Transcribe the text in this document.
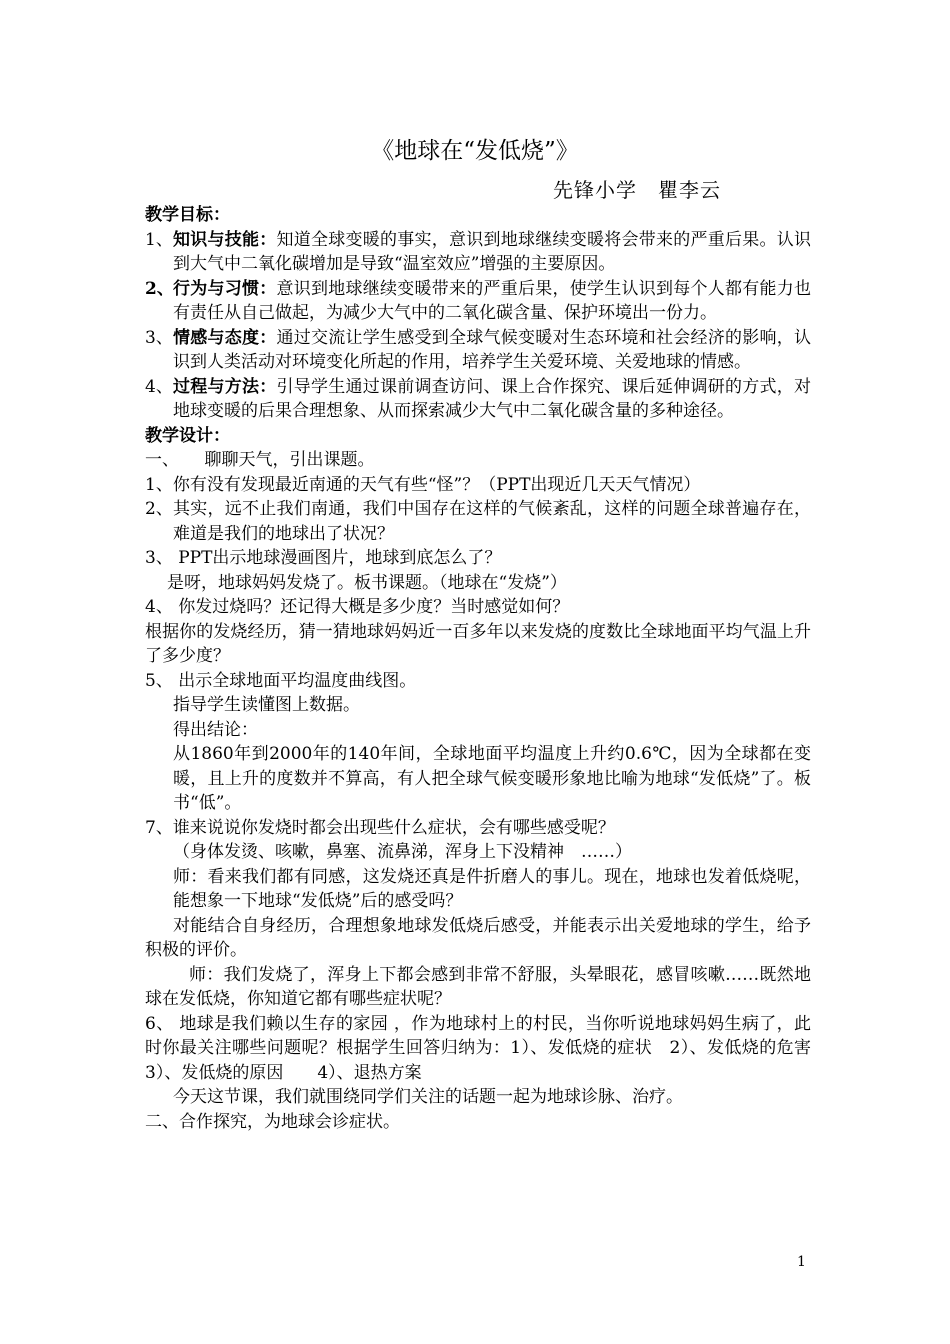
《地球在“发低烧”》
先锋小学　瞿李云
教学目标：
1、 知识与技能：知道全球变暖的事实，意识到地球继续变暖将会带来的严重后果。认识到大气中二氧化碳增加是导致“温室效应”增强的主要原因。
2、 行为与习惯：意识到地球继续变暖带来的严重后果，使学生认识到每个人都有能力也有责任从自己做起，为减少大气中的二氧化碳含量、保护环境出一份力。
3、 情感与态度：通过交流让学生感受到全球气候变暖对生态环境和社会经济的影响，认识到人类活动对环境变化所起的作用，培养学生关爱环境、关爱地球的情感。
4、 过程与方法：引导学生通过课前调查访问、课上合作探究、课后延伸调研的方式，对地球变暖的后果合理想象、从而探索减少大气中二氧化碳含量的多种途径。
教学设计：

一、　　聊聊天气，引出课题。

1、你有没有发现最近南通的天气有些“怪”？（PPT出现近几天天气情况）

2、 其实，远不止我们南通，我们中国存在这样的气候紊乱，这样的问题全球普遍存在，难道是我们的地球出了状况？

3、 PPT出示地球漫画图片，地球到底怎么了？

是呀，地球妈妈发烧了。板书课题。（地球在“发烧”）

4、 你发过烧吗？还记得大概是多少度？当时感觉如何？

根据你的发烧经历，猜一猜地球妈妈近一百多年以来发烧的度数比全球地面平均气温上升了多少度？

5、 出示全球地面平均温度曲线图。

指导学生读懂图上数据。

得出结论：

从1860年到2000年的140年间，全球地面平均温度上升约0.6℃，因为全球都在变暖，且上升的度数并不算高，有人把全球气候变暖形象地比喻为地球“发低烧”了。板书“低”。

7、谁来说说你发烧时都会出现些什么症状，会有哪些感受呢？

（身体发烫、咳嗽，鼻塞、流鼻涕，浑身上下没精神　……）

师：看来我们都有同感，这发烧还真是件折磨人的事儿。现在，地球也发着低烧呢，能想象一下地球“发低烧”后的感受吗？

对能结合自身经历，合理想象地球发低烧后感受，并能表示出关爱地球的学生，给予积极的评价。

师：我们发烧了，浑身上下都会感到非常不舒服，头晕眼花，感冒咳嗽……既然地球在发低烧，你知道它都有哪些症状呢？

6、 地球是我们赖以生存的家园 ，作为地球村上的村民，当你听说地球妈妈生病了，此时你最关注哪些问题呢？根据学生回答归纳为：1）、发低烧的症状　2）、发低烧的危害　3）、发低烧的原因　　4）、退热方案

今天这节课，我们就围绕同学们关注的话题一起为地球诊脉、治疗。

二、合作探究，为地球会诊症状。

1
